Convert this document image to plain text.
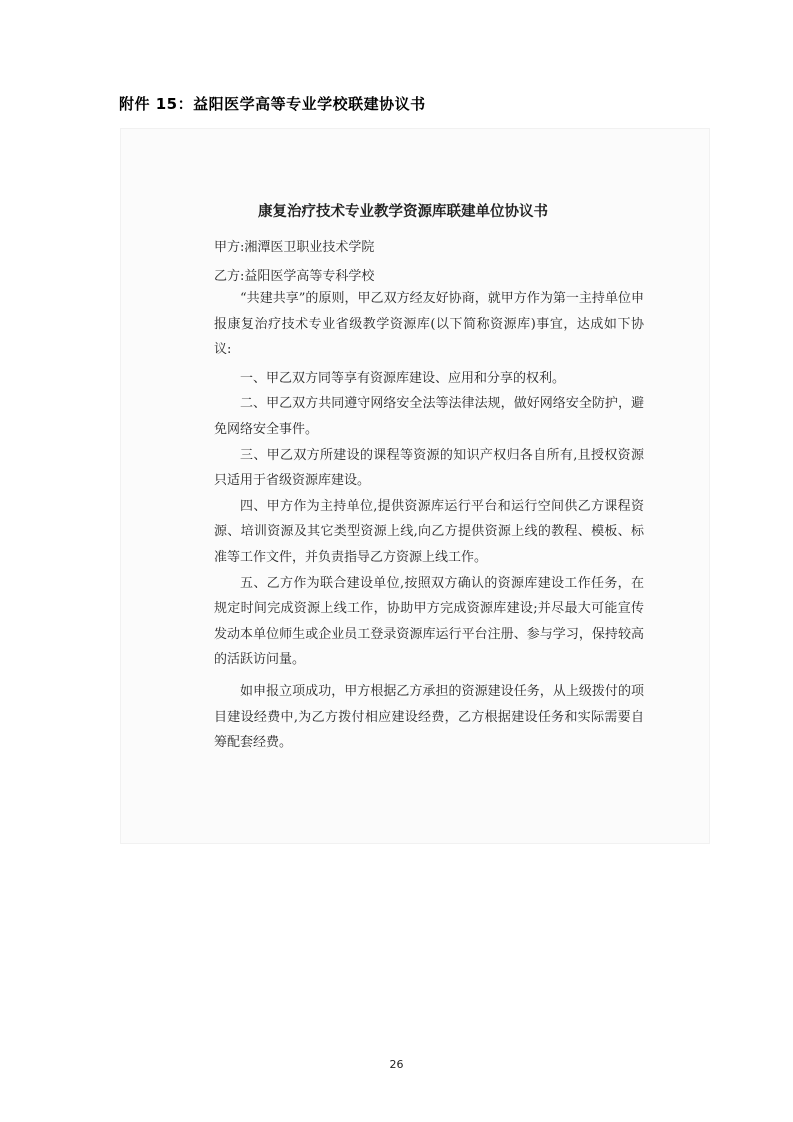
附件 15：益阳医学高等专业学校联建协议书
康复治疗技术专业教学资源库联建单位协议书
甲方:湘潭医卫职业技术学院
乙方:益阳医学高等专科学校

“共建共享”的原则，甲乙双方经友好协商，就甲方作为第一主持单位申报康复治疗技术专业省级教学资源库(以下简称资源库)事宜，达成如下协议:

一、甲乙双方同等享有资源库建设、应用和分享的权利。

二、甲乙双方共同遵守网络安全法等法律法规，做好网络安全防护，避免网络安全事件。

三、甲乙双方所建设的课程等资源的知识产权归各自所有,且授权资源只适用于省级资源库建设。

四、甲方作为主持单位,提供资源库运行平台和运行空间供乙方课程资源、培训资源及其它类型资源上线,向乙方提供资源上线的教程、模板、标准等工作文件，并负责指导乙方资源上线工作。

五、乙方作为联合建设单位,按照双方确认的资源库建设工作任务，在规定时间完成资源上线工作，协助甲方完成资源库建设;并尽最大可能宣传发动本单位师生或企业员工登录资源库运行平台注册、参与学习，保持较高的活跃访问量。

如申报立项成功，甲方根据乙方承担的资源建设任务，从上级拨付的项目建设经费中,为乙方拨付相应建设经费，乙方根据建设任务和实际需要自筹配套经费。

26
